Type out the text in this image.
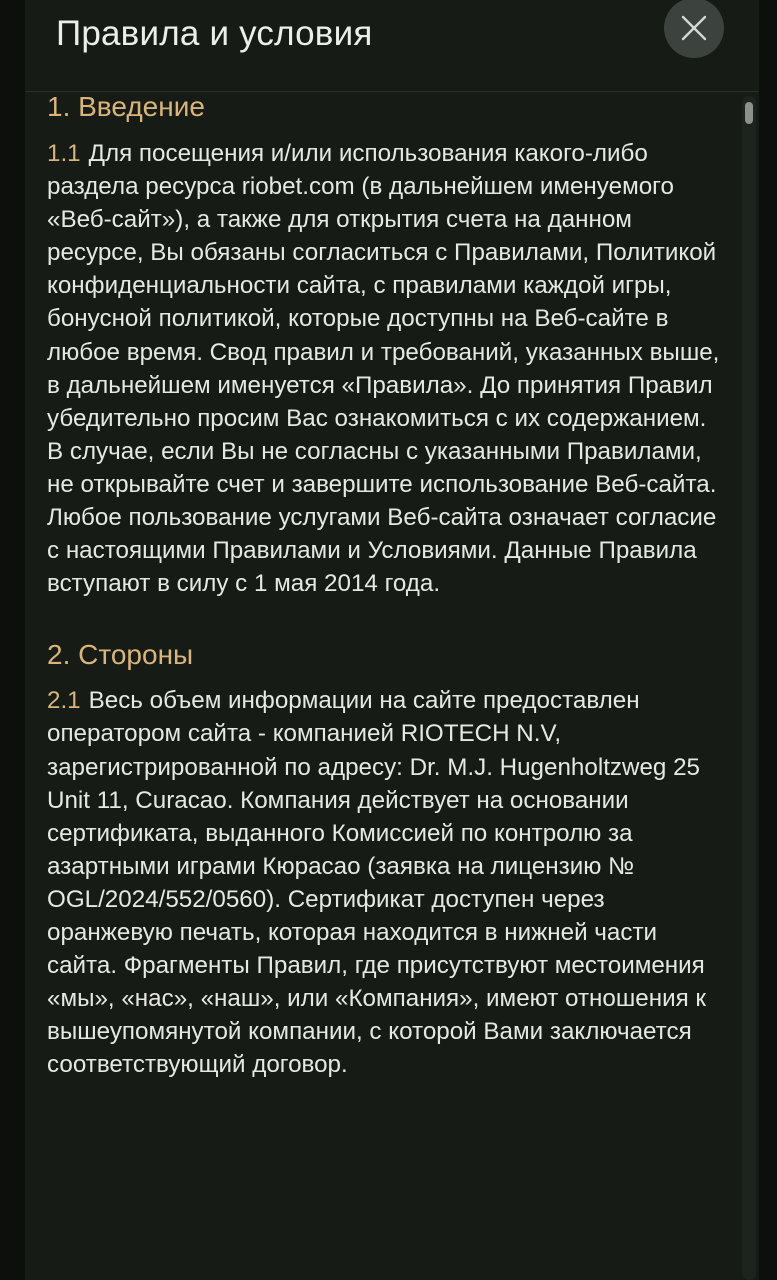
Правила и условия
1. Введение

1.1 Для посещения и/или использования какого-либо раздела ресурса riobet.com (в дальнейшем именуемого «Веб-сайт»), а также для открытия счета на данном ресурсе, Вы обязаны согласиться с Правилами, Политикой конфиденциальности сайта, с правилами каждой игры, бонусной политикой, которые доступны на Веб-сайте в любое время. Свод правил и требований, указанных выше, в дальнейшем именуется «Правила». До принятия Правил убедительно просим Вас ознакомиться с их содержанием. В случае, если Вы не согласны с указанными Правилами, не открывайте счет и завершите использование Веб-сайта. Любое пользование услугами Веб-сайта означает согласие с настоящими Правилами и Условиями. Данные Правила вступают в силу с 1 мая 2014 года.

2. Стороны

2.1 Весь объем информации на сайте предоставлен оператором сайта - компанией RIOTECH N.V, зарегистрированной по адресу: Dr. M.J. Hugenholtzweg 25 Unit 11, Curacao. Компания действует на основании сертификата, выданного Комиссией по контролю за азартными играми Кюрасао (заявка на лицензию № OGL/2024/552/0560). Сертификат доступен через оранжевую печать, которая находится в нижней части сайта. Фрагменты Правил, где присутствуют местоимения «мы», «нас», «наш», или «Компания», имеют отношения к вышеупомянутой компании, с которой Вами заключается соответствующий договор.
